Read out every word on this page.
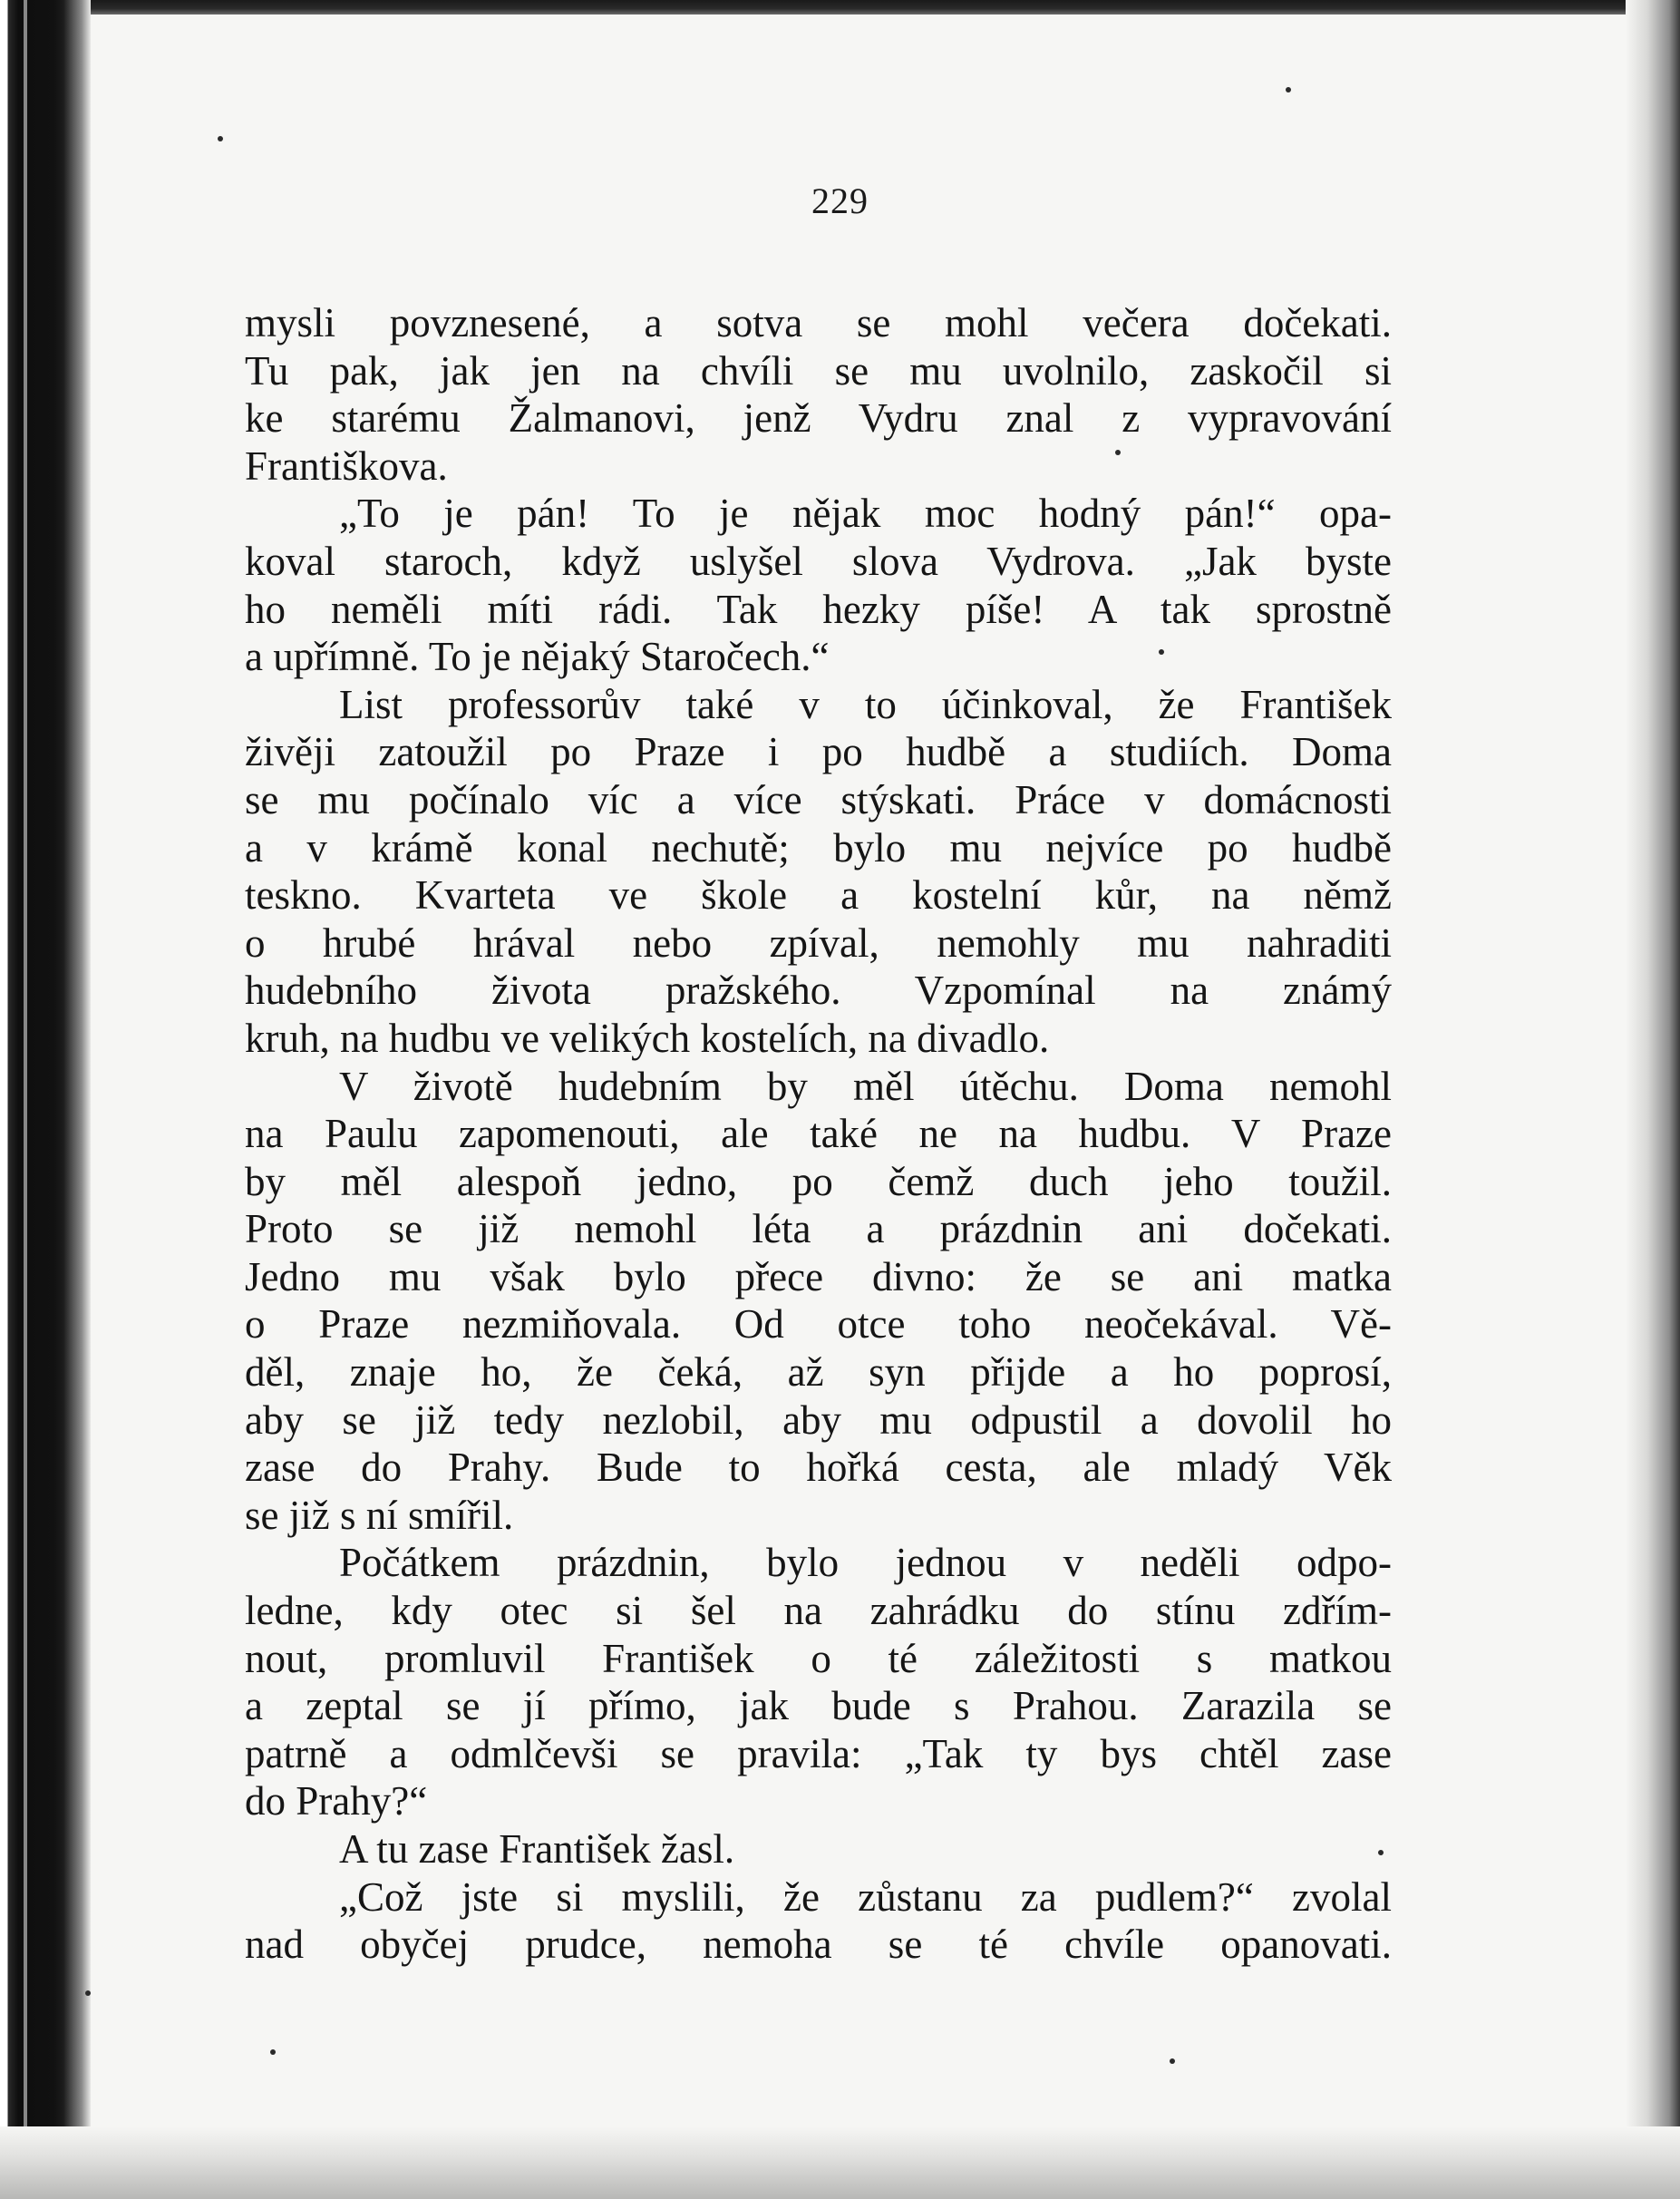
229
mysli povznesené, a sotva se mohl večera dočekati.
Tu pak, jak jen na chvíli se mu uvolnilo, zaskočil si
ke starému Žalmanovi, jenž Vydru znal z vypravování
Františkova.
„To je pán! To je nějak moc hodný pán!“ opa-
koval staroch, když uslyšel slova Vydrova. „Jak byste
ho neměli míti rádi. Tak hezky píše! A tak sprostně
a upřímně. To je nějaký Staročech.“
List professorův také v to účinkoval, že František
živěji zatoužil po Praze i po hudbě a studiích. Doma
se mu počínalo víc a více stýskati. Práce v domácnosti
a v krámě konal nechutě; bylo mu nejvíce po hudbě
teskno. Kvarteta ve škole a kostelní kůr, na němž
o hrubé hrával nebo zpíval, nemohly mu nahraditi
hudebního života pražského. Vzpomínal na známý
kruh, na hudbu ve velikých kostelích, na divadlo.
V životě hudebním by měl útěchu. Doma nemohl
na Paulu zapomenouti, ale také ne na hudbu. V Praze
by měl alespoň jedno, po čemž duch jeho toužil.
Proto se již nemohl léta a prázdnin ani dočekati.
Jedno mu však bylo přece divno: že se ani matka
o Praze nezmiňovala. Od otce toho neočekával. Vě-
děl, znaje ho, že čeká, až syn přijde a ho poprosí,
aby se již tedy nezlobil, aby mu odpustil a dovolil ho
zase do Prahy. Bude to hořká cesta, ale mladý Věk
se již s ní smířil.
Počátkem prázdnin, bylo jednou v neděli odpo-
ledne, kdy otec si šel na zahrádku do stínu zdřím-
nout, promluvil František o té záležitosti s matkou
a zeptal se jí přímo, jak bude s Prahou. Zarazila se
patrně a odmlčevši se pravila: „Tak ty bys chtěl zase
do Prahy?“
A tu zase František žasl.
„Což jste si myslili, že zůstanu za pudlem?“ zvolal
nad obyčej prudce, nemoha se té chvíle opanovati.
